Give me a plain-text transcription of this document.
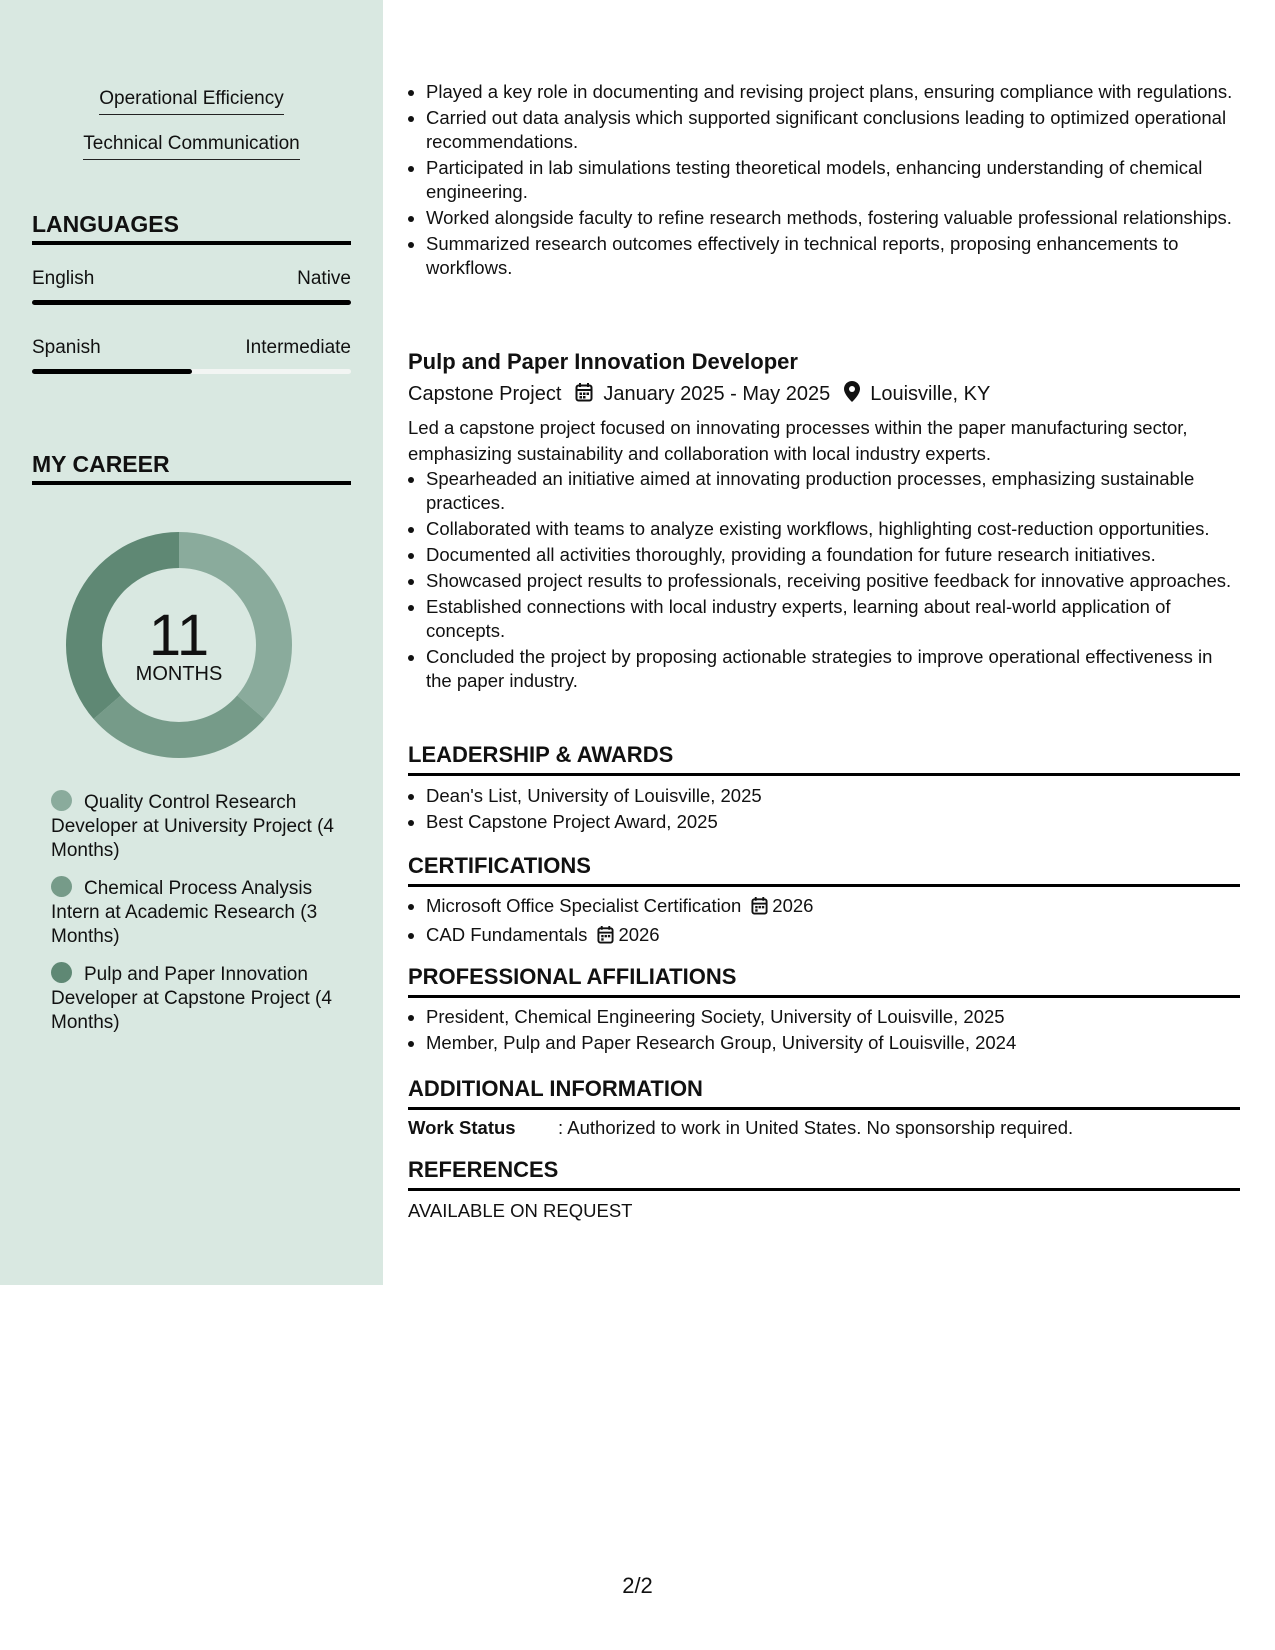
Operational Efficiency
Technical Communication
LANGUAGES
English	Native
Spanish	Intermediate
MY CAREER
11
MONTHS
Quality Control Research Developer at University Project (4 Months)
Chemical Process Analysis Intern at Academic Research (3 Months)
Pulp and Paper Innovation Developer at Capstone Project (4 Months)
• Played a key role in documenting and revising project plans, ensuring compliance with regulations.
• Carried out data analysis which supported significant conclusions leading to optimized operational recommendations.
• Participated in lab simulations testing theoretical models, enhancing understanding of chemical engineering.
• Worked alongside faculty to refine research methods, fostering valuable professional relationships.
• Summarized research outcomes effectively in technical reports, proposing enhancements to workflows.
Pulp and Paper Innovation Developer
Capstone Project January 2025 - May 2025 Louisville, KY

Led a capstone project focused on innovating processes within the paper manufacturing sector, emphasizing sustainability and collaboration with local industry experts.

• Spearheaded an initiative aimed at innovating production processes, emphasizing sustainable practices.
• Collaborated with teams to analyze existing workflows, highlighting cost-reduction opportunities.
• Documented all activities thoroughly, providing a foundation for future research initiatives.
• Showcased project results to professionals, receiving positive feedback for innovative approaches.
• Established connections with local industry experts, learning about real-world application of concepts.
• Concluded the project by proposing actionable strategies to improve operational effectiveness in the paper industry.
LEADERSHIP & AWARDS
• Dean's List, University of Louisville, 2025
• Best Capstone Project Award, 2025
CERTIFICATIONS
• Microsoft Office Specialist Certification 2026
• CAD Fundamentals 2026
PROFESSIONAL AFFILIATIONS
• President, Chemical Engineering Society, University of Louisville, 2025
• Member, Pulp and Paper Research Group, University of Louisville, 2024
ADDITIONAL INFORMATION
Work Status : Authorized to work in United States. No sponsorship required.
REFERENCES
AVAILABLE ON REQUEST
2/2
